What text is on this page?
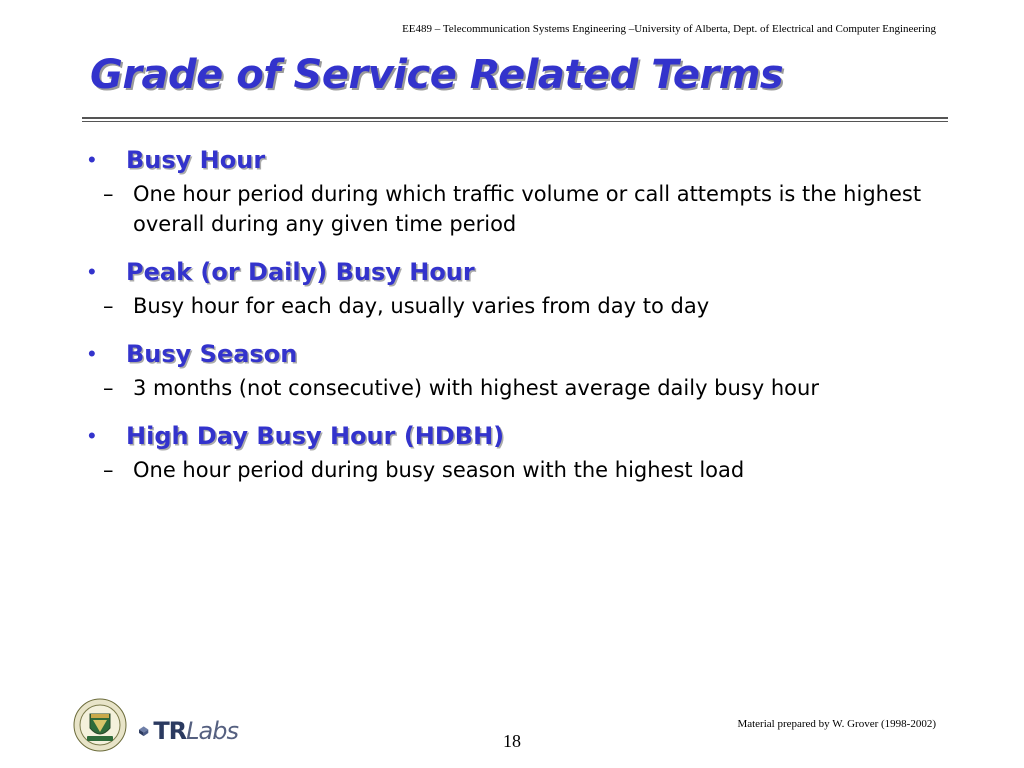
EE489 – Telecommunication Systems Engineering –University of Alberta, Dept. of Electrical and Computer Engineering
Grade of Service Related Terms
• Busy Hour
– One hour period during which traffic volume or call attempts is the highest overall during any given time period
• Peak (or Daily) Busy Hour
– Busy hour for each day, usually varies from day to day
• Busy Season
– 3 months (not consecutive) with highest average daily busy hour
• High Day Busy Hour (HDBH)
– One hour period during busy season with the highest load
TRLabs	Material prepared by W. Grover (1998-2002)
18
